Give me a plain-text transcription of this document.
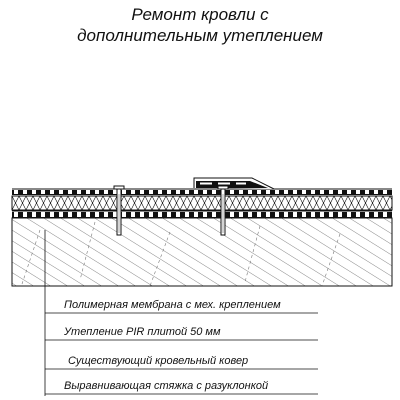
Ремонт кровли с
дополнительным утеплением
Полимерная мембрана с мех. креплением
Утепление PIR плитой 50 мм
Существующий кровельный ковер
Выравнивающая стяжка с разуклонкой
